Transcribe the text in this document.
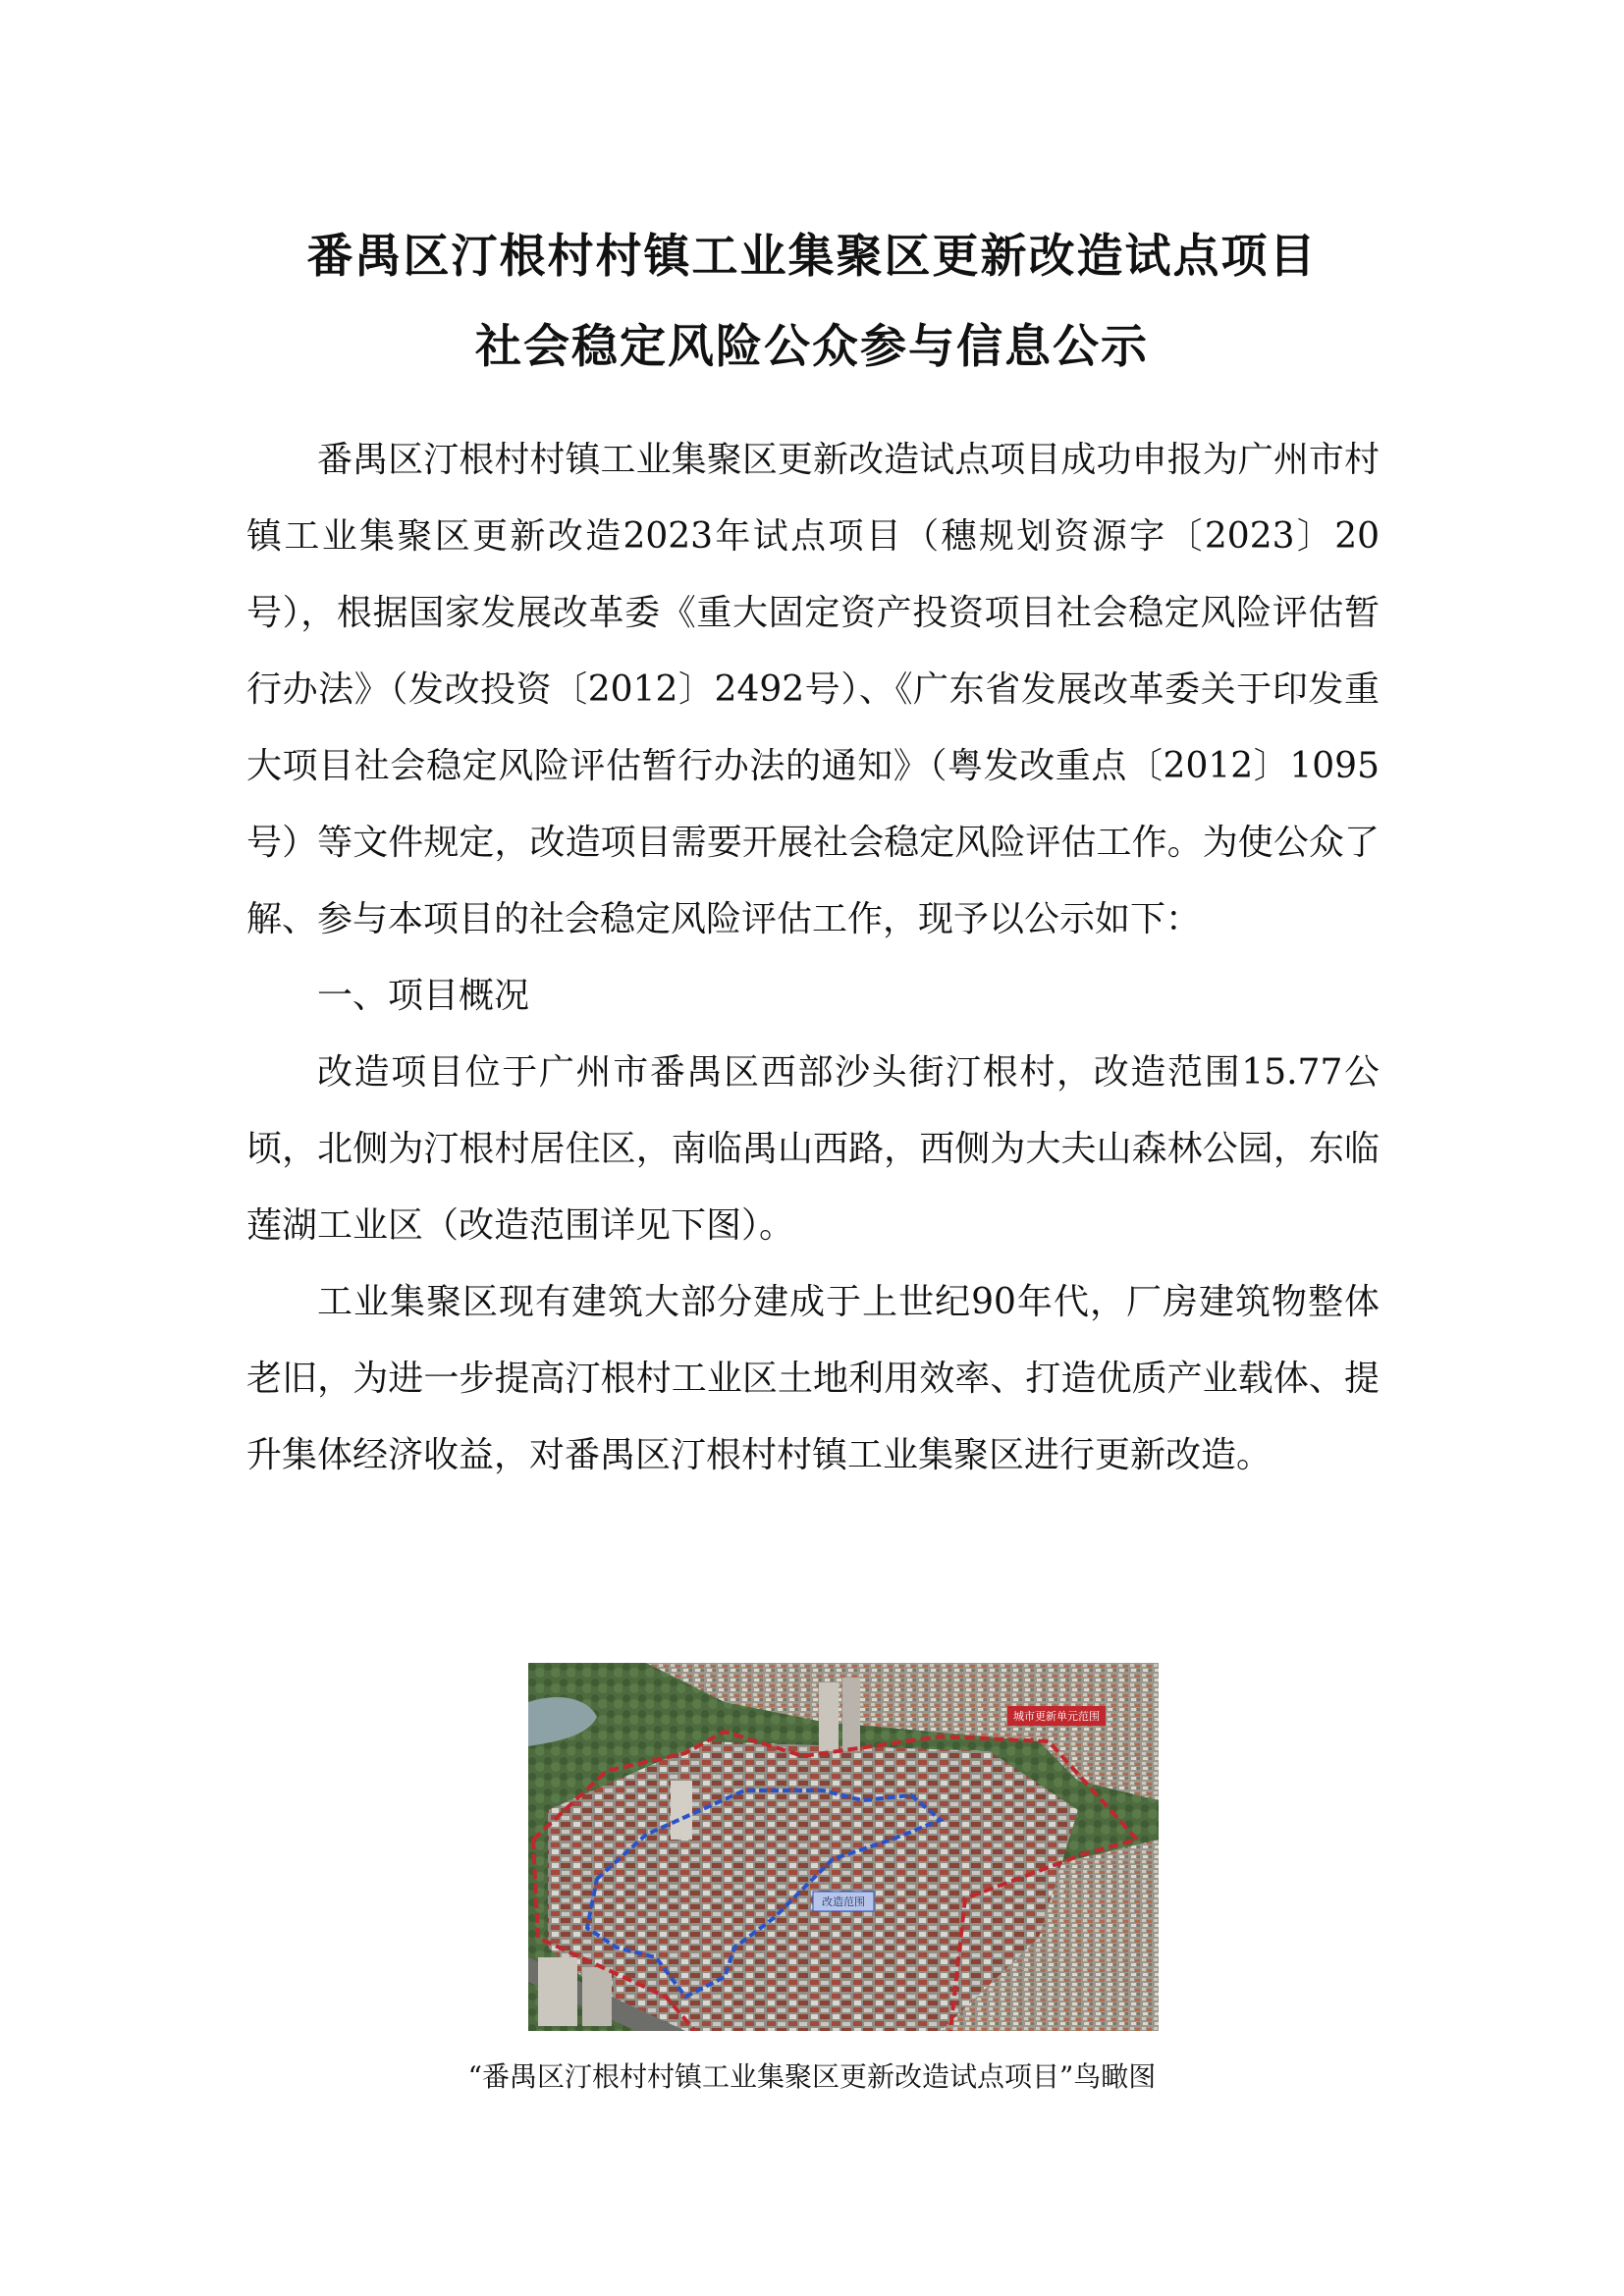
番禺区汀根村村镇工业集聚区更新改造试点项目
社会稳定风险公众参与信息公示

番禺区汀根村村镇工业集聚区更新改造试点项目成功申报为广州市村镇工业集聚区更新改造2023年试点项目（穗规划资源字〔2023〕20号），根据国家发展改革委《重大固定资产投资项目社会稳定风险评估暂行办法》（发改投资〔2012〕2492号）、《广东省发展改革委关于印发重大项目社会稳定风险评估暂行办法的通知》（粤发改重点〔2012〕1095号）等文件规定，改造项目需要开展社会稳定风险评估工作。为使公众了解、参与本项目的社会稳定风险评估工作，现予以公示如下：

一、项目概况

改造项目位于广州市番禺区西部沙头街汀根村，改造范围15.77公顷，北侧为汀根村居住区，南临禺山西路，西侧为大夫山森林公园，东临莲湖工业区（改造范围详见下图）。

工业集聚区现有建筑大部分建成于上世纪90年代，厂房建筑物整体老旧，为进一步提高汀根村工业区土地利用效率、打造优质产业载体、提升集体经济收益，对番禺区汀根村村镇工业集聚区进行更新改造。

城市更新单元范围
改造范围

“番禺区汀根村村镇工业集聚区更新改造试点项目”鸟瞰图
